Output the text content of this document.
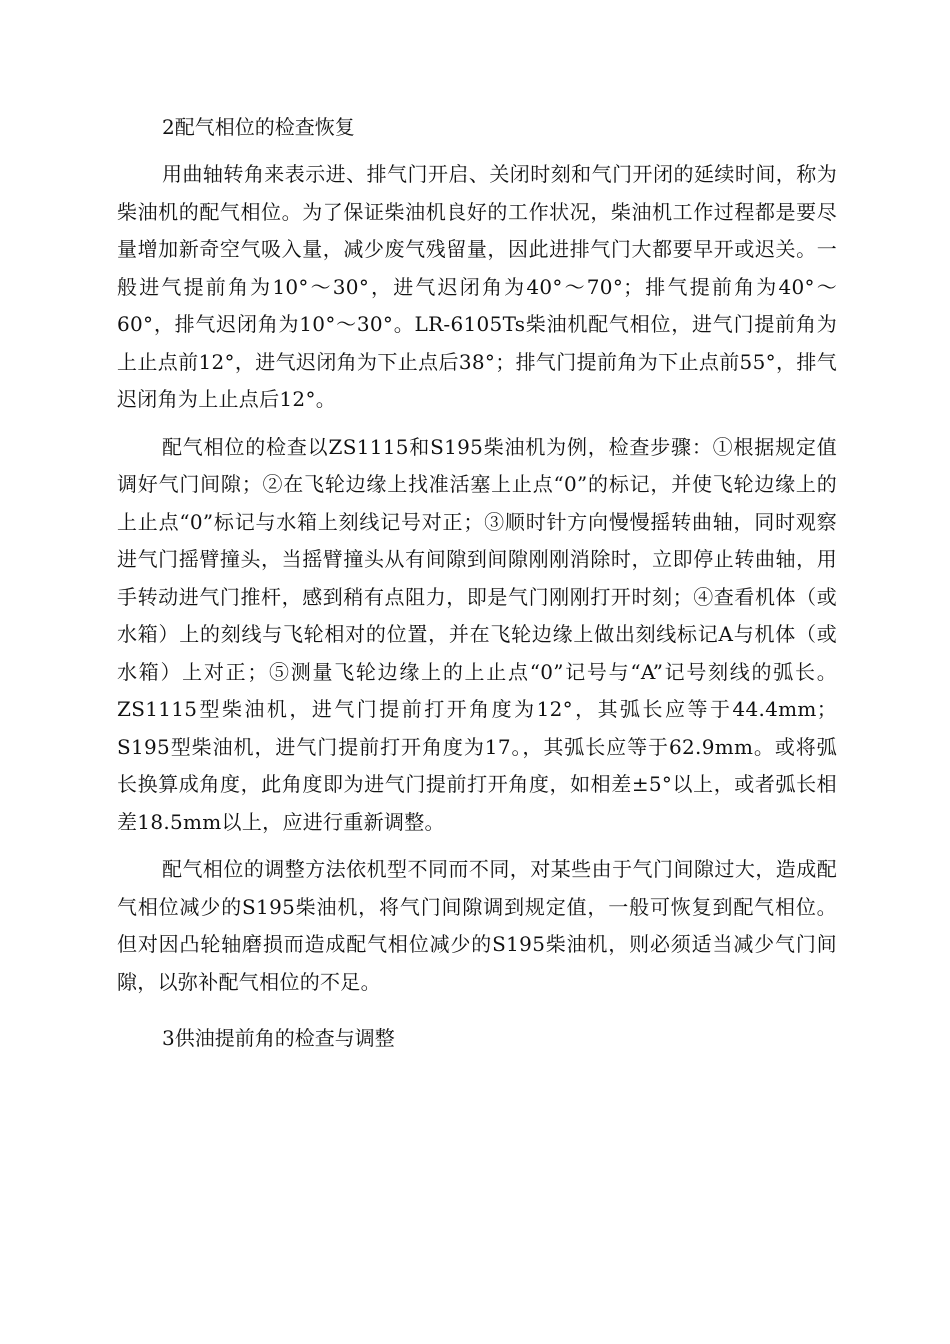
2配气相位的检查恢复

用曲轴转角来表示进、排气门开启、关闭时刻和气门开闭的延续时间，称为柴油机的配气相位。为了保证柴油机良好的工作状况，柴油机工作过程都是要尽量增加新奇空气吸入量，减少废气残留量，因此进排气门大都要早开或迟关。一般进气提前角为10°～30°，进气迟闭角为40°～70°；排气提前角为40°～60°，排气迟闭角为10°～30°。LR-6105Ts柴油机配气相位，进气门提前角为上止点前12°，进气迟闭角为下止点后38°；排气门提前角为下止点前55°，排气迟闭角为上止点后12°。

配气相位的检查以ZS1115和S195柴油机为例，检查步骤：①根据规定值调好气门间隙；②在飞轮边缘上找准活塞上止点“0”的标记，并使飞轮边缘上的上止点“0”标记与水箱上刻线记号对正；③顺时针方向慢慢摇转曲轴，同时观察进气门摇臂撞头，当摇臂撞头从有间隙到间隙刚刚消除时，立即停止转曲轴，用手转动进气门推杆，感到稍有点阻力，即是气门刚刚打开时刻；④查看机体（或水箱）上的刻线与飞轮相对的位置，并在飞轮边缘上做出刻线标记A与机体（或水箱）上对正；⑤测量飞轮边缘上的上止点“0”记号与“A”记号刻线的弧长。ZS1115型柴油机，进气门提前打开角度为12°，其弧长应等于44.4mm；S195型柴油机，进气门提前打开角度为17。，其弧长应等于62.9mm。或将弧长换算成角度，此角度即为进气门提前打开角度，如相差±5°以上，或者弧长相差18.5mm以上，应进行重新调整。

配气相位的调整方法依机型不同而不同，对某些由于气门间隙过大，造成配气相位减少的S195柴油机，将气门间隙调到规定值，一般可恢复到配气相位。但对因凸轮轴磨损而造成配气相位减少的S195柴油机，则必须适当减少气门间隙，以弥补配气相位的不足。

3供油提前角的检查与调整
